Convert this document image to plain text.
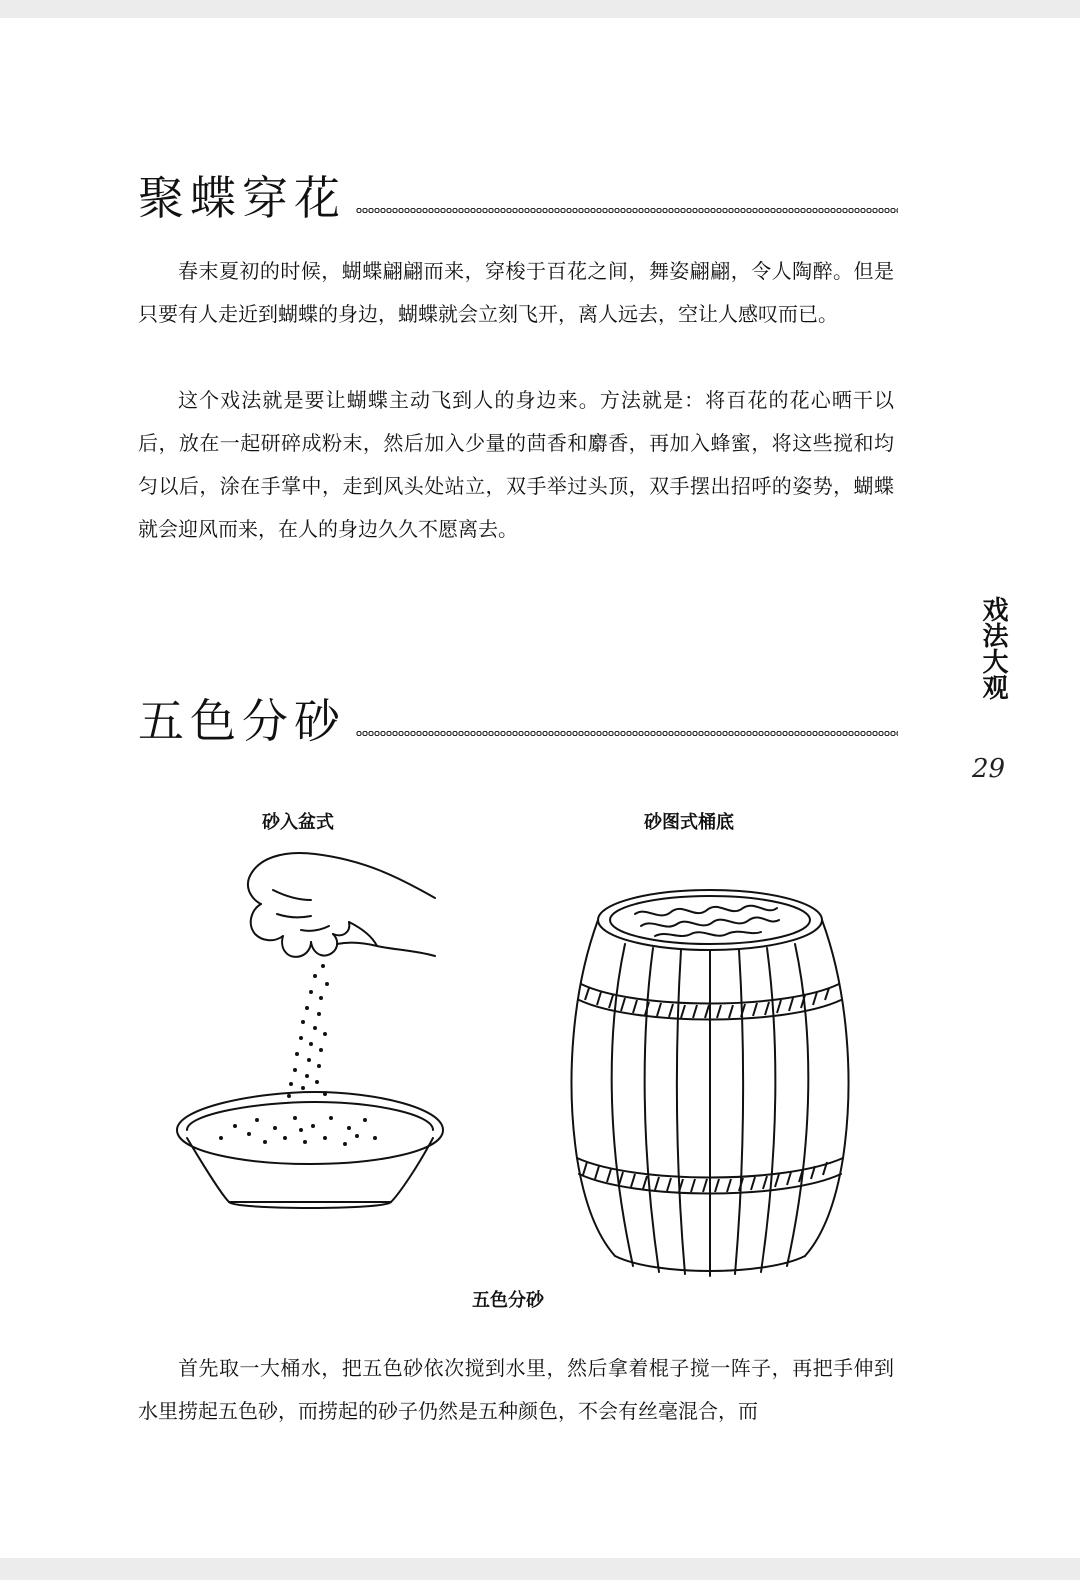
聚蝶穿花

春末夏初的时候，蝴蝶翩翩而来，穿梭于百花之间，舞姿翩翩，令人陶醉。但是只要有人走近到蝴蝶的身边，蝴蝶就会立刻飞开，离人远去，空让人感叹而已。

这个戏法就是要让蝴蝶主动飞到人的身边来。方法就是：将百花的花心晒干以后，放在一起研碎成粉末，然后加入少量的茴香和麝香，再加入蜂蜜，将这些搅和均匀以后，涂在手掌中，走到风头处站立，双手举过头顶，双手摆出招呼的姿势，蝴蝶就会迎风而来，在人的身边久久不愿离去。

戏法大观
29
五色分砂
砂入盆式	砂图式桶底
五色分砂

首先取一大桶水，把五色砂依次搅到水里，然后拿着棍子搅一阵子，再把手伸到水里捞起五色砂，而捞起的砂子仍然是五种颜色，不会有丝毫混合，而
